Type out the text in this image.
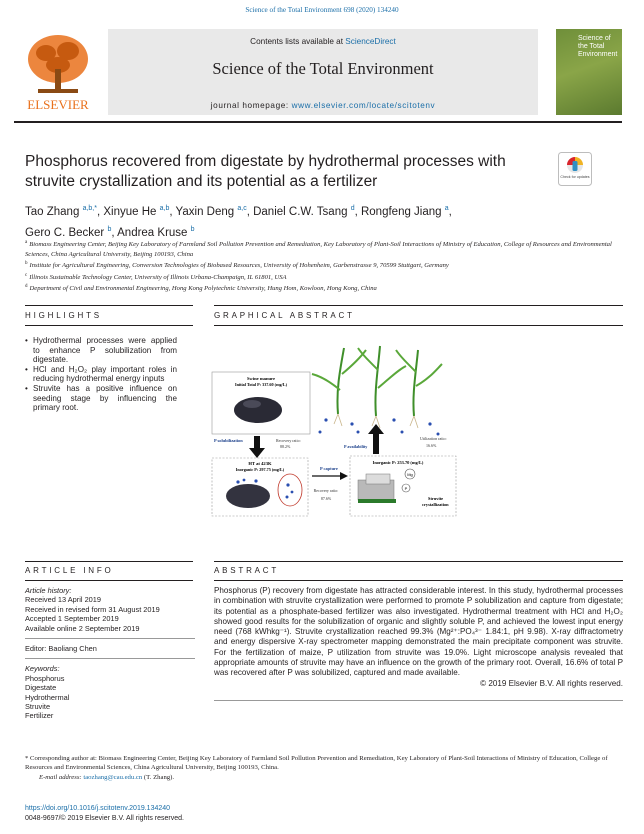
Science of the Total Environment 698 (2020) 134240
ELSEVIER
Contents lists available at ScienceDirect
Science of the Total Environment
journal homepage: www.elsevier.com/locate/scitotenv
Science of the Total Environment
Phosphorus recovered from digestate by hydrothermal processes with struvite crystallization and its potential as a fertilizer	Check for updates
Tao Zhang $^{a,b,*}$, Xinyue He $^{a,b}$, Yaxin Deng $^{a,c}$, Daniel C.W. Tsang $^d$, Rongfeng Jiang $^a$,
Gero C. Becker $^b$, Andrea Kruse $^b$
$^a$ Biomass Engineering Center, Beijing Key Laboratory of Farmland Soil Pollution Prevention and Remediation, Key Laboratory of Plant-Soil Interactions of Ministry of Education, College of Resources and Environmental Sciences, China Agricultural University, Beijing 100193, China
$^b$ Institute for Agricultural Engineering, Conversion Technologies of Biobased Resources, University of Hohenheim, Garbenstrasse 9, 70599 Stuttgart, Germany
$^c$ Illinois Sustainable Technology Center, University of Illinois Urbana-Champaign, IL 61801, USA
$^d$ Department of Civil and Environmental Engineering, Hong Kong Polytechnic University, Hung Hom, Kowloon, Hong Kong, China
HIGHLIGHTS
• Hydrothermal processes were applied to enhance P solubilization from digestate.
• HCl and H₂O₂ play important roles in reducing hydrothermal energy inputs
• Struvite has a positive influence on seeding stage by influencing the primary root.
GRAPHICAL ABSTRACT
Swine manure
Initial Total P: 337.60 (mg/L)
P solubilization	Recovery ratio:
88.2%
HT at 423K
Inorganic P: 297.75 (mg/L)	P capture
Recovery ratio:
87.6%
Inorganic P: 253.70 (mg/L)
Mg
P
Struvite
crystallization
P availability
Utilization ratio:
16.6%
ARTICLE INFO
Article history:
Received 13 April 2019
Received in revised form 31 August 2019
Accepted 1 September 2019
Available online 2 September 2019
Editor: Baoliang Chen
Keywords:
Phosphorus
Digestate
Hydrothermal
Struvite
Fertilizer
ABSTRACT
Phosphorus (P) recovery from digestate has attracted considerable interest. In this study, hydrothermal processes in combination with struvite crystallization were performed to promote P solubilization and capture from digestate; its potential as a phosphate-based fertilizer was also investigated. Hydrothermal treatment with HCl and H₂O₂ showed good results for the solubilization of organic and slightly soluble P, and achieved the lowest input energy need (768 kWhkg⁻¹). Struvite crystallization reached 99.3% (Mg²⁺:PO₄³⁻ 1.84:1, pH 9.98). X-ray diffractometry and energy dispersive X-ray spectrometer mapping demonstrated the main precipitate component was struvite. For the fertilization of maize, P utilization from struvite was 19.0%. Light microscope analysis revealed that appropriate amounts of struvite may have an influence on the growth of the primary root. Overall, 16.6% of total P was recovered after P was solubilized, captured and made available.
© 2019 Elsevier B.V. All rights reserved.
* Corresponding author at: Biomass Engineering Center, Beijing Key Laboratory of Farmland Soil Pollution Prevention and Remediation, Key Laboratory of Plant-Soil Interactions of Ministry of Education, College of Resources and Environmental Sciences, China Agricultural University, Beijing 100193, China.
E-mail address: taozhang@cau.edu.cn (T. Zhang).
https://doi.org/10.1016/j.scitotenv.2019.134240
0048-9697/© 2019 Elsevier B.V. All rights reserved.
